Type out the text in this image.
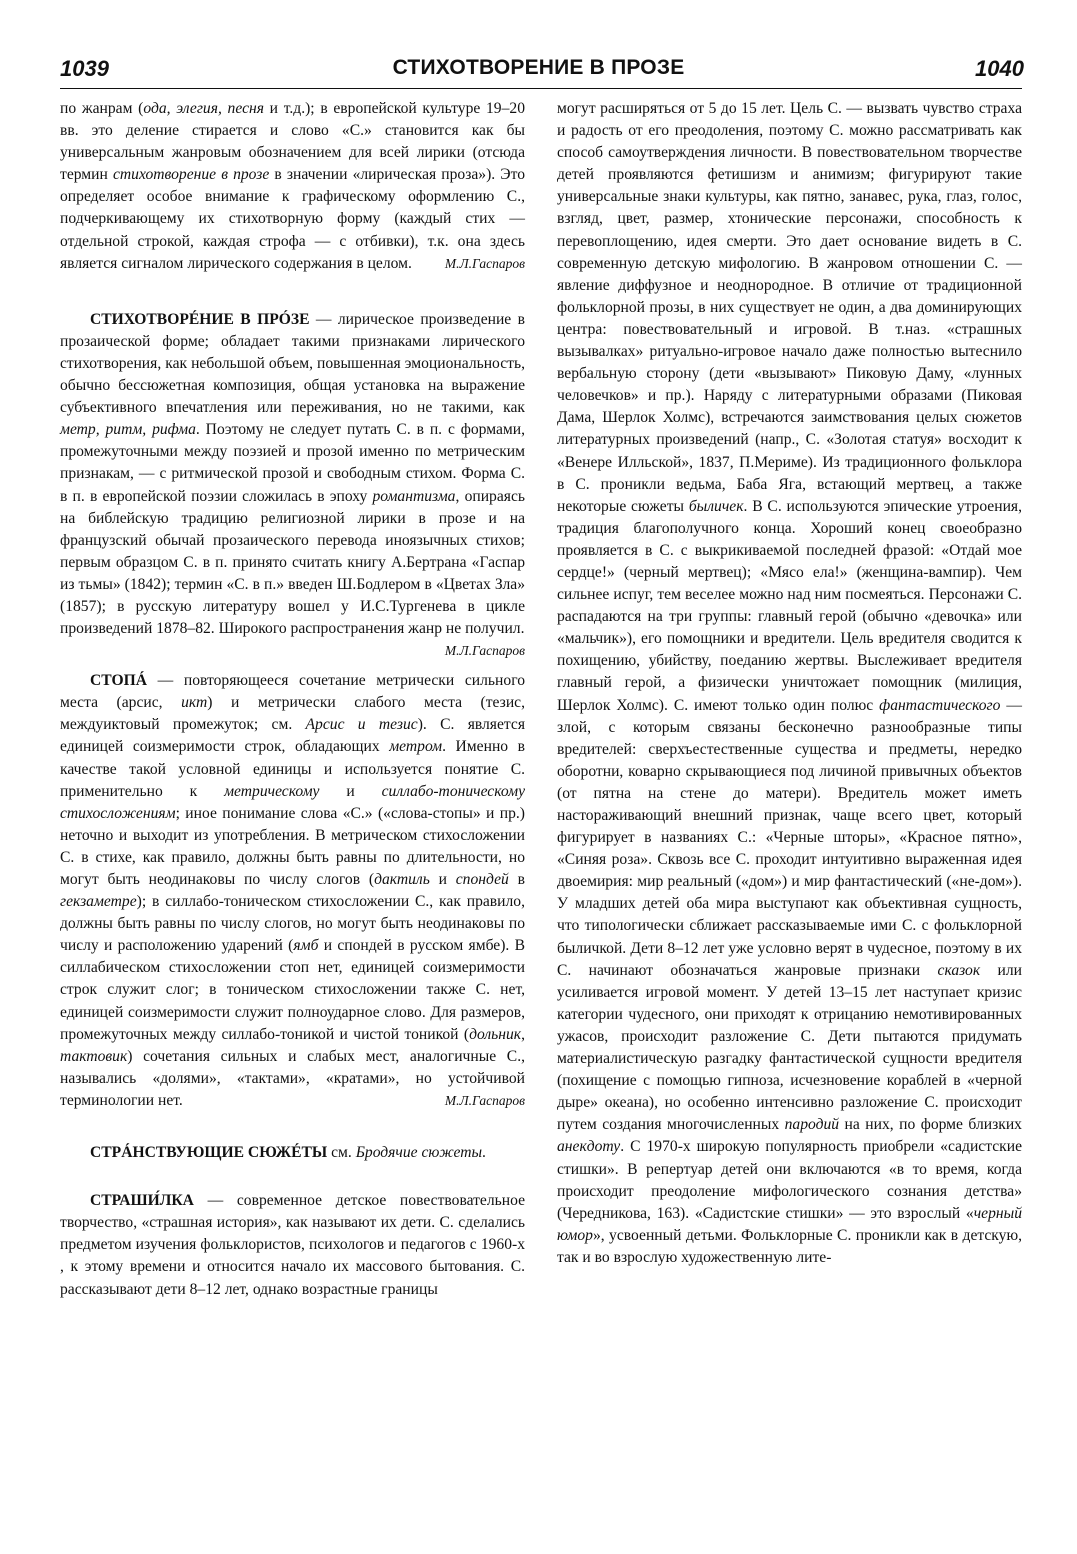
1039	СТИХОТВОРЕНИЕ В ПРОЗЕ	1040

по жанрам (ода, элегия, песня и т.д.); в европейской культуре 19–20 вв. это деление стирается и слово «С.» становится как бы универсальным жанровым обозначением для всей лирики (отсюда термин стихотворение в прозе в значении «лирическая проза»). Это определяет особое внимание к графическому оформлению С., подчеркивающему их стихотворную форму (каждый стих — отдельной строкой, каждая строфа — с отбивки), т.к. она здесь является сигналом лирического содержания в целом. М.Л.Гаспаров

СТИХОТВОРÉНИЕ В ПРÓЗЕ — лирическое произведение в прозаической форме; обладает такими признаками лирического стихотворения, как небольшой объем, повышенная эмоциональность, обычно бессюжетная композиция, общая установка на выражение субъективного впечатления или переживания, но не такими, как метр, ритм, рифма. Поэтому не следует путать С. в п. с формами, промежуточными между поэзией и прозой именно по метрическим признакам, — с ритмической прозой и свободным стихом. Форма С. в п. в европейской поэзии сложилась в эпоху романтизма, опираясь на библейскую традицию религиозной лирики в прозе и на французский обычай прозаического перевода иноязычных стихов; первым образцом С. в п. принято считать книгу А.Бертрана «Гаспар из тьмы» (1842); термин «С. в п.» введен Ш.Бодлером в «Цветах Зла» (1857); в русскую литературу вошел у И.С.Тургенева в цикле произведений 1878–82. Широкого распространения жанр не получил.
М.Л.Гаспаров

СТОПÁ — повторяющееся сочетание метрически сильного места (арсис, икт) и метрически слабого места (тезис, междуиктовый промежуток; см. Арсис и тезис). С. является единицей соизмеримости строк, обладающих метром. Именно в качестве такой условной единицы и используется понятие С. применительно к метрическому и силлабо-тоническому стихосложениям; иное понимание слова «С.» («слова-стопы» и пр.) неточно и выходит из употребления. В метрическом стихосложении С. в стихе, как правило, должны быть равны по длительности, но могут быть неодинаковы по числу слогов (дактиль и спондей в гекзаметре); в силлабо-тоническом стихосложении С., как правило, должны быть равны по числу слогов, но могут быть неодинаковы по числу и расположению ударений (ямб и спондей в русском ямбе). В силлабическом стихосложении стоп нет, единицей соизмеримости строк служит слог; в тоническом стихосложении также С. нет, единицей соизмеримости служит полноударное слово. Для размеров, промежуточных между силлабо-тоникой и чистой тоникой (дольник, тактовик) сочетания сильных и слабых мест, аналогичные С., назывались «долями», «тактами», «кратами», но устойчивой терминологии нет.	М.Л.Гаспаров

СТРÁНСТВУЮЩИЕ СЮЖÉТЫ см. Бродячие сюжеты.

СТРАШИ́ЛКА — современное детское повествовательное творчество, «страшная история», как называют их дети. С. сделались предметом изучения фольклористов, психологов и педагогов с 1960-х , к этому времени и относится начало их массового бытования. С. рассказывают дети 8–12 лет, однако возрастные границы

могут расширяться от 5 до 15 лет. Цель С. — вызвать чувство страха и радость от его преодоления, поэтому С. можно рассматривать как способ самоутверждения личности. В повествовательном творчестве детей проявляются фетишизм и анимизм; фигурируют такие универсальные знаки культуры, как пятно, занавес, рука, глаз, голос, взгляд, цвет, размер, хтонические персонажи, способность к перевоплощению, идея смерти. Это дает основание видеть в С. современную детскую мифологию. В жанровом отношении С. — явление диффузное и неоднородное. В отличие от традиционной фольклорной прозы, в них существует не один, а два доминирующих центра: повествовательный и игровой. В т.наз. «страшных вызывалках» ритуально-игровое начало даже полностью вытеснило вербальную сторону (дети «вызывают» Пиковую Даму, «лунных человечков» и пр.). Наряду с литературными образами (Пиковая Дама, Шерлок Холмс), встречаются заимствования целых сюжетов литературных произведений (напр., С. «Золотая статуя» восходит к «Венере Илльской», 1837, П.Мериме). Из традиционного фольклора в С. проникли ведьма, Баба Яга, встающий мертвец, а также некоторые сюжеты быличек. В С. используются эпические утроения, традиция благополучного конца. Хороший конец своеобразно проявляется в С. с выкрикиваемой последней фразой: «Отдай мое сердце!» (черный мертвец); «Мясо ела!» (женщина-вампир). Чем сильнее испуг, тем веселее можно над ним посмеяться. Персонажи С. распадаются на три группы: главный герой (обычно «девочка» или «мальчик»), его помощники и вредители. Цель вредителя сводится к похищению, убийству, поеданию жертвы. Выслеживает вредителя главный герой, а физически уничтожает помощник (милиция, Шерлок Холмс). С. имеют только один полюс фантастического — злой, с которым связаны бесконечно разнообразные типы вредителей: сверхъестественные существа и предметы, нередко оборотни, коварно скрывающиеся под личиной привычных объектов (от пятна на стене до матери). Вредитель может иметь настораживающий внешний признак, чаще всего цвет, который фигурирует в названиях С.: «Черные шторы», «Красное пятно», «Синяя роза». Сквозь все С. проходит интуитивно выраженная идея двоемирия: мир реальный («дом») и мир фантастический («не-дом»). У младших детей оба мира выступают как объективная сущность, что типологически сближает рассказываемые ими С. с фольклорной быличкой. Дети 8–12 лет уже условно верят в чудесное, поэтому в их С. начинают обозначаться жанровые признаки сказок или усиливается игровой момент. У детей 13–15 лет наступает кризис категории чудесного, они приходят к отрицанию немотивированных ужасов, происходит разложение С. Дети пытаются придумать материалистическую разгадку фантастической сущности вредителя (похищение с помощью гипноза, исчезновение кораблей в «черной дыре» океана), но особенно интенсивно разложение С. происходит путем создания многочисленных пародий на них, по форме близких анекдоту. С 1970-х широкую популярность приобрели «садистские стишки». В репертуар детей они включаются «в то время, когда происходит преодоление мифологического сознания детства» (Чередникова, 163). «Садистские стишки» — это взрослый «черный юмор», усвоенный детьми. Фольклорные С. проникли как в детскую, так и во взрослую художественную лите-
